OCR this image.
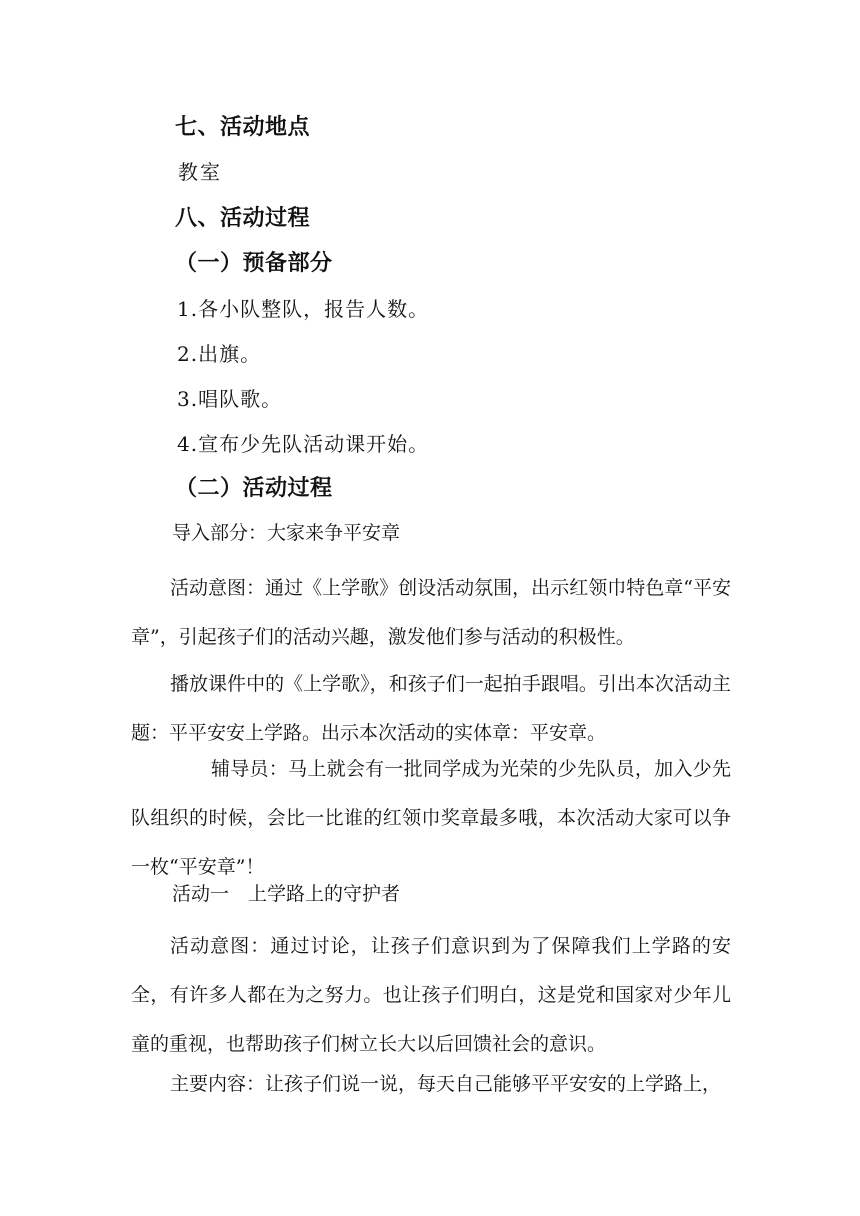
七、活动地点
教室
八、活动过程
（一）预备部分
1.各小队整队，报告人数。
2.出旗。
3.唱队歌。
4.宣布少先队活动课开始。
（二）活动过程
导入部分：大家来争平安章
活动意图：通过《上学歌》创设活动氛围，出示红领巾特色章“平安章”，引起孩子们的活动兴趣，激发他们参与活动的积极性。
播放课件中的《上学歌》，和孩子们一起拍手跟唱。引出本次活动主题：平平安安上学路。出示本次活动的实体章：平安章。
辅导员：马上就会有一批同学成为光荣的少先队员，加入少先队组织的时候，会比一比谁的红领巾奖章最多哦，本次活动大家可以争一枚“平安章”！
活动一　上学路上的守护者
活动意图：通过讨论，让孩子们意识到为了保障我们上学路的安全，有许多人都在为之努力。也让孩子们明白，这是党和国家对少年儿童的重视，也帮助孩子们树立长大以后回馈社会的意识。
主要内容：让孩子们说一说，每天自己能够平平安安的上学路上，
